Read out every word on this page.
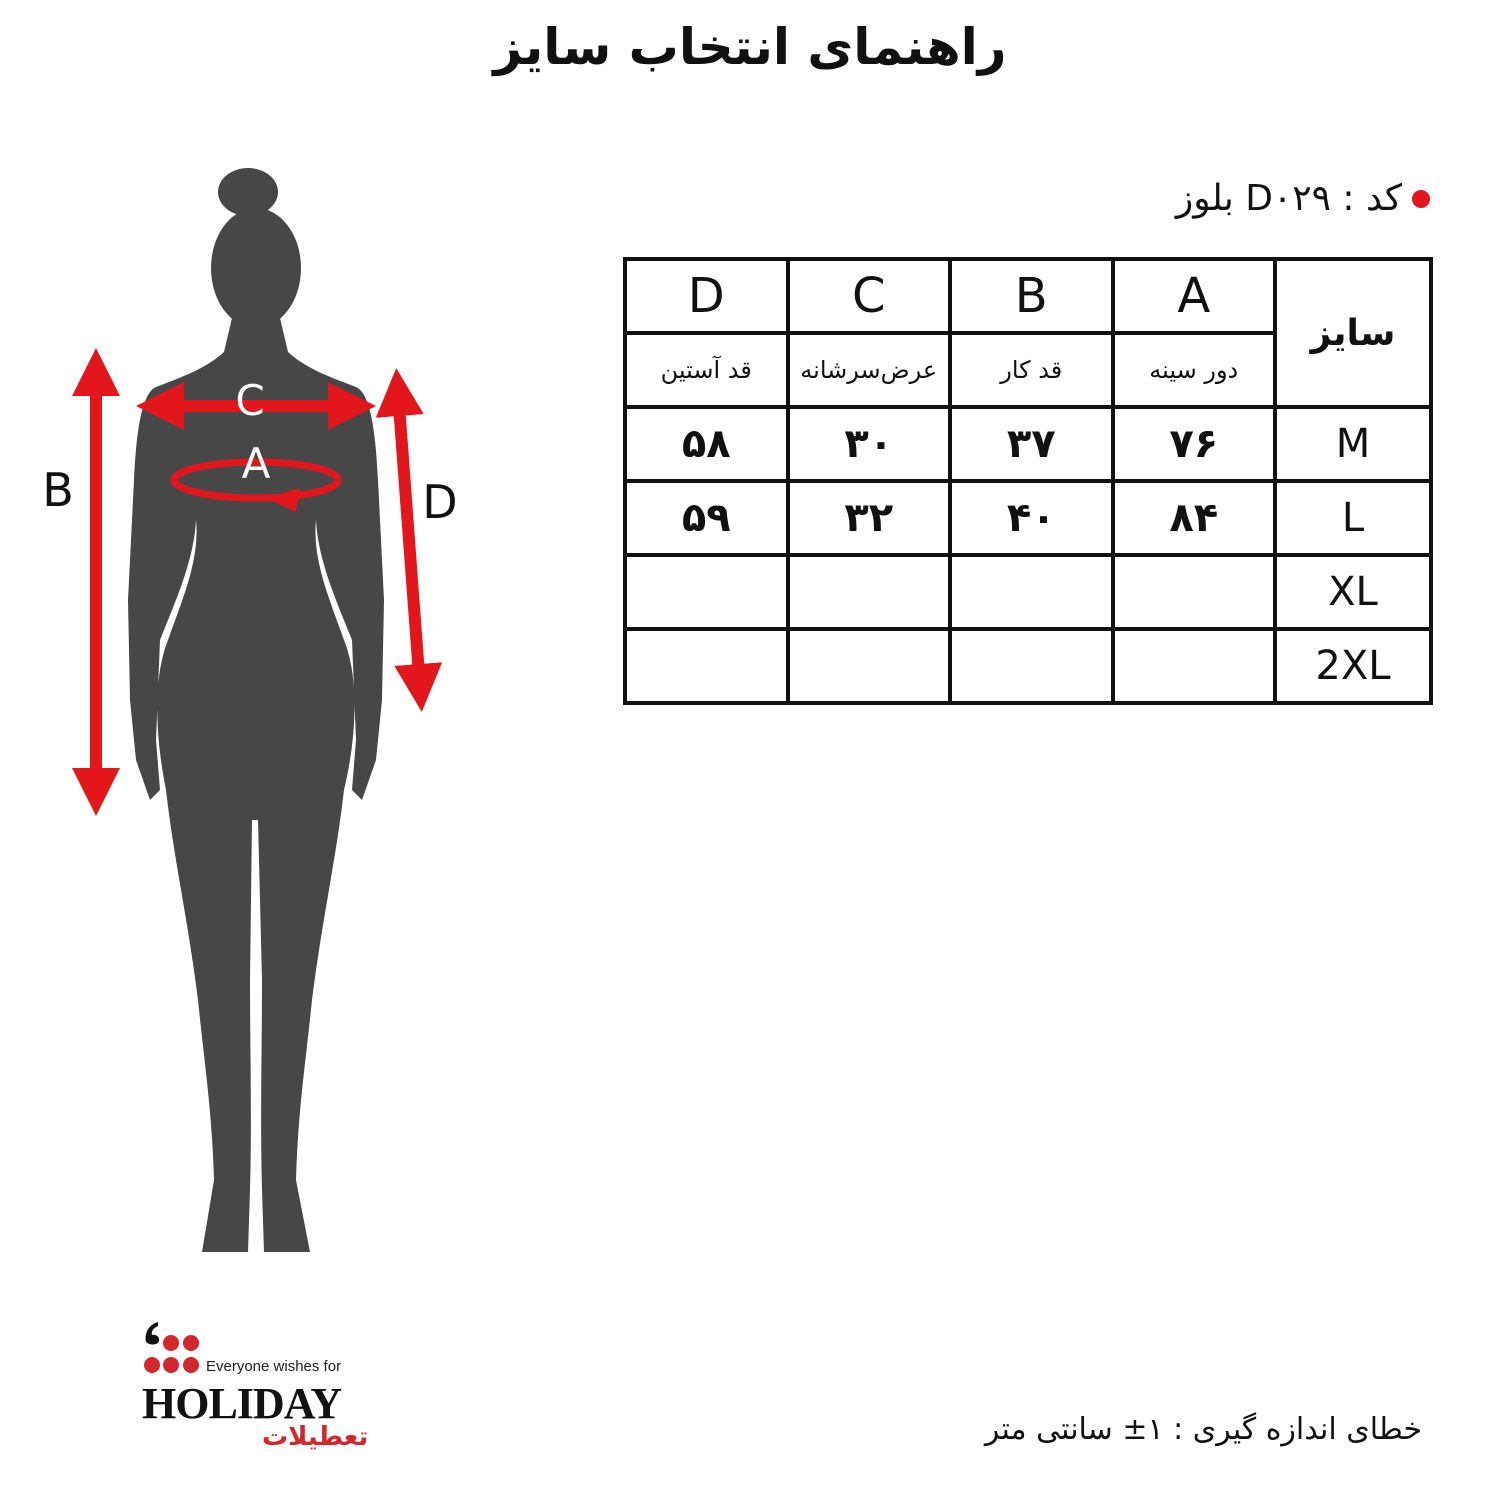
راهنمای انتخاب سایز
کد : D۰۲۹ بلوز
سایز	A	B	C	D
	دور سینه	قد کار	عرض‌سرشانه	قد آستین
M	۷۶	۳۷	۳۰	۵۸
L	۸۴	۴۰	۳۲	۵۹
XL				
2XL				
C
A
B	D
Everyone wishes for
HOLIDAY
تعطیلات	خطای اندازه گیری : ۱± سانتی متر
